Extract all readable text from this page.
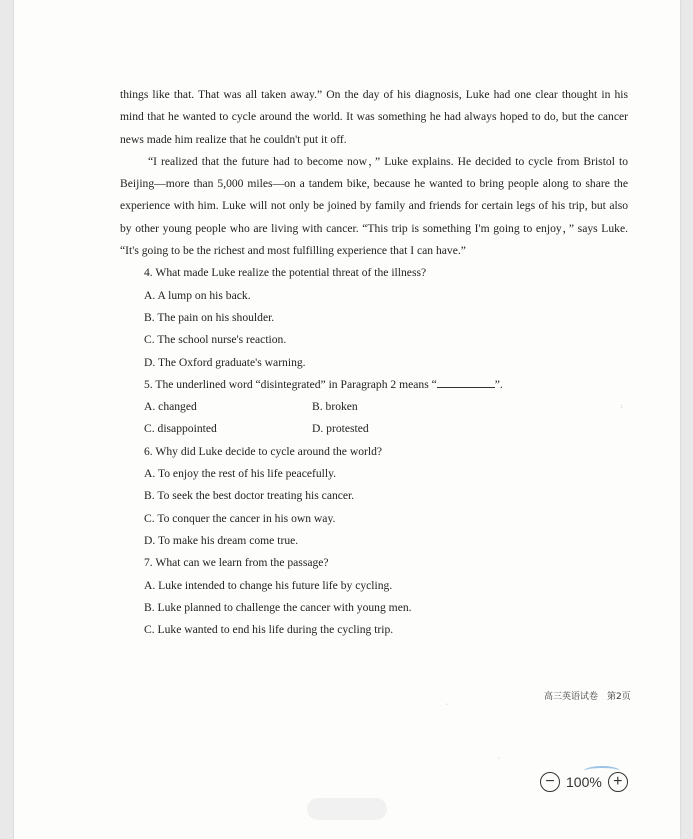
things like that. That was all taken away.” On the day of his diagnosis, Luke had one clear thought in his mind that he wanted to cycle around the world. It was something he had always hoped to do, but the cancer news made him realize that he couldn't put it off.

“I realized that the future had to become now，” Luke explains. He decided to cycle from Bristol to Beijing—more than 5,000 miles—on a tandem bike, because he wanted to bring people along to share the experience with him. Luke will not only be joined by family and friends for certain legs of his trip, but also by other young people who are living with cancer. “This trip is something I'm going to enjoy，” says Luke. “It's going to be the richest and most fulfilling experience that I can have.”

4. What made Luke realize the potential threat of the illness?

A. A lump on his back.

B. The pain on his shoulder.

C. The school nurse's reaction.

D. The Oxford graduate's warning.

5. The underlined word “disintegrated” in Paragraph 2 means “	”.

A. changed	B. broken

C. disappointed	D. protested

6. Why did Luke decide to cycle around the world?

A. To enjoy the rest of his life peacefully.

B. To seek the best doctor treating his cancer.

C. To conquer the cancer in his own way.

D. To make his dream come true.

7. What can we learn from the passage?

A. Luke intended to change his future life by cycling.

B. Luke planned to challenge the cancer with young men.

C. Luke wanted to end his life during the cycling trip.

高三英语试卷　第2页
·
·
:
− 100% +
